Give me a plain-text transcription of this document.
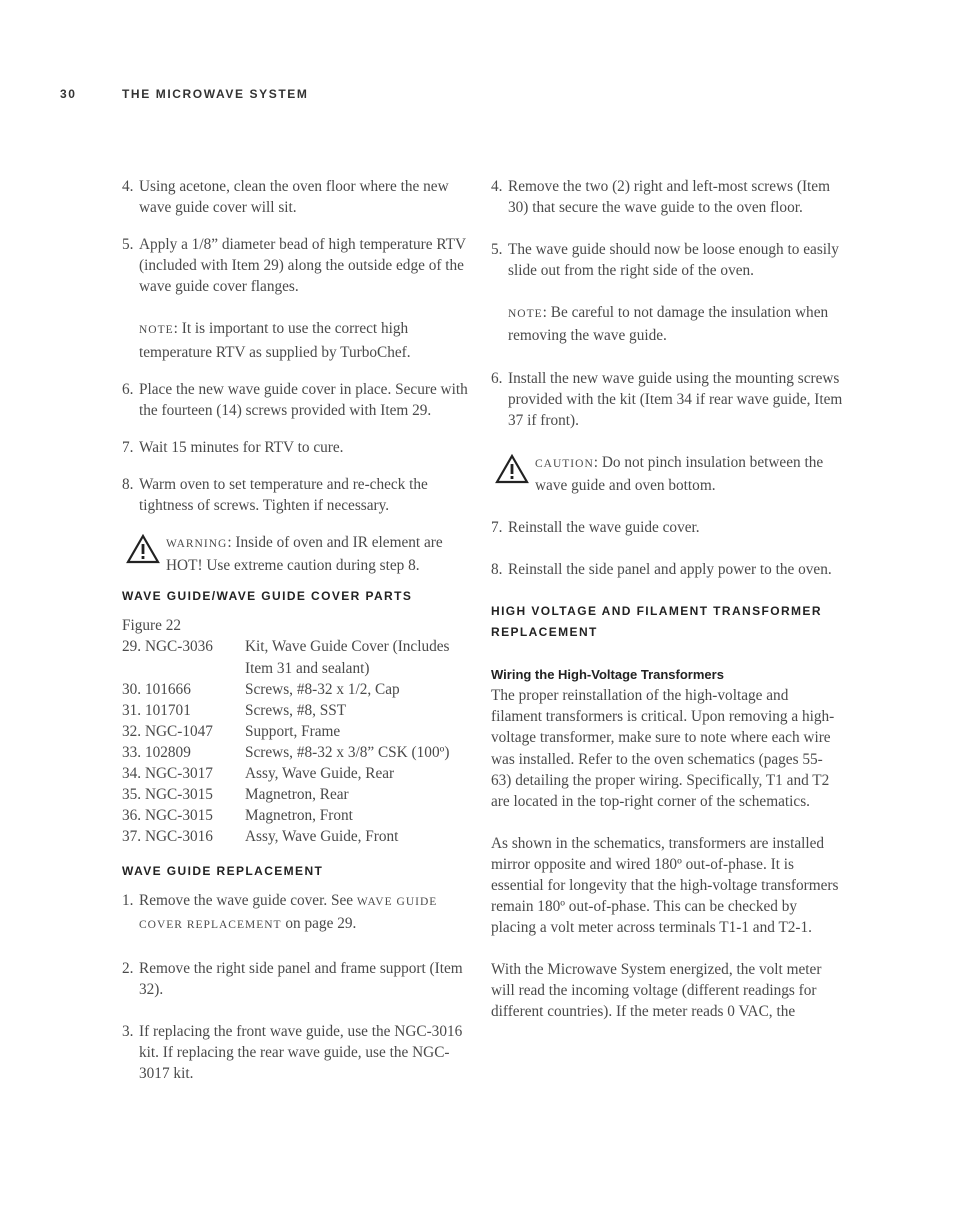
30	THE MICROWAVE SYSTEM
4. Using acetone, clean the oven floor where the new wave guide cover will sit.
5. Apply a 1/8” diameter bead of high temperature RTV (included with Item 29) along the outside edge of the wave guide cover flanges.
NOTE: It is important to use the correct high temperature RTV as supplied by TurboChef.
6. Place the new wave guide cover in place. Secure with the fourteen (14) screws provided with Item 29.
7. Wait 15 minutes for RTV to cure.
8. Warm oven to set temperature and re-check the tightness of screws. Tighten if necessary.
WARNING: Inside of oven and IR element are HOT! Use extreme caution during step 8.
WAVE GUIDE/WAVE GUIDE COVER PARTS
Figure 22
29. NGC-3036	Kit, Wave Guide Cover (Includes Item 31 and sealant)
30. 101666	Screws, #8-32 x 1/2, Cap
31. 101701	Screws, #8, SST
32. NGC-1047	Support, Frame
33. 102809	Screws, #8-32 x 3/8” CSK (100º)
34. NGC-3017	Assy, Wave Guide, Rear
35. NGC-3015	Magnetron, Rear
36. NGC-3015	Magnetron, Front
37. NGC-3016	Assy, Wave Guide, Front
WAVE GUIDE REPLACEMENT
1. Remove the wave guide cover. See WAVE GUIDE COVER REPLACEMENT on page 29.
2. Remove the right side panel and frame support (Item 32).
3. If replacing the front wave guide, use the NGC-3016 kit. If replacing the rear wave guide, use the NGC-3017 kit.
4. Remove the two (2) right and left-most screws (Item 30) that secure the wave guide to the oven floor.
5. The wave guide should now be loose enough to easily slide out from the right side of the oven.
NOTE: Be careful to not damage the insulation when removing the wave guide.
6. Install the new wave guide using the mounting screws provided with the kit (Item 34 if rear wave guide, Item 37 if front).
CAUTION: Do not pinch insulation between the wave guide and oven bottom.
7. Reinstall the wave guide cover.
8. Reinstall the side panel and apply power to the oven.
HIGH VOLTAGE AND FILAMENT TRANSFORMER REPLACEMENT
Wiring the High-Voltage Transformers

The proper reinstallation of the high-voltage and filament transformers is critical. Upon removing a high-voltage transformer, make sure to note where each wire was installed. Refer to the oven schematics (pages 55-63) detailing the proper wiring. Specifically, T1 and T2 are located in the top-right corner of the schematics.

As shown in the schematics, transformers are installed mirror opposite and wired 180º out-of-phase. It is essential for longevity that the high-voltage transformers remain 180º out-of-phase. This can be checked by placing a volt meter across terminals T1-1 and T2-1.

With the Microwave System energized, the volt meter will read the incoming voltage (different readings for different countries). If the meter reads 0 VAC, the
